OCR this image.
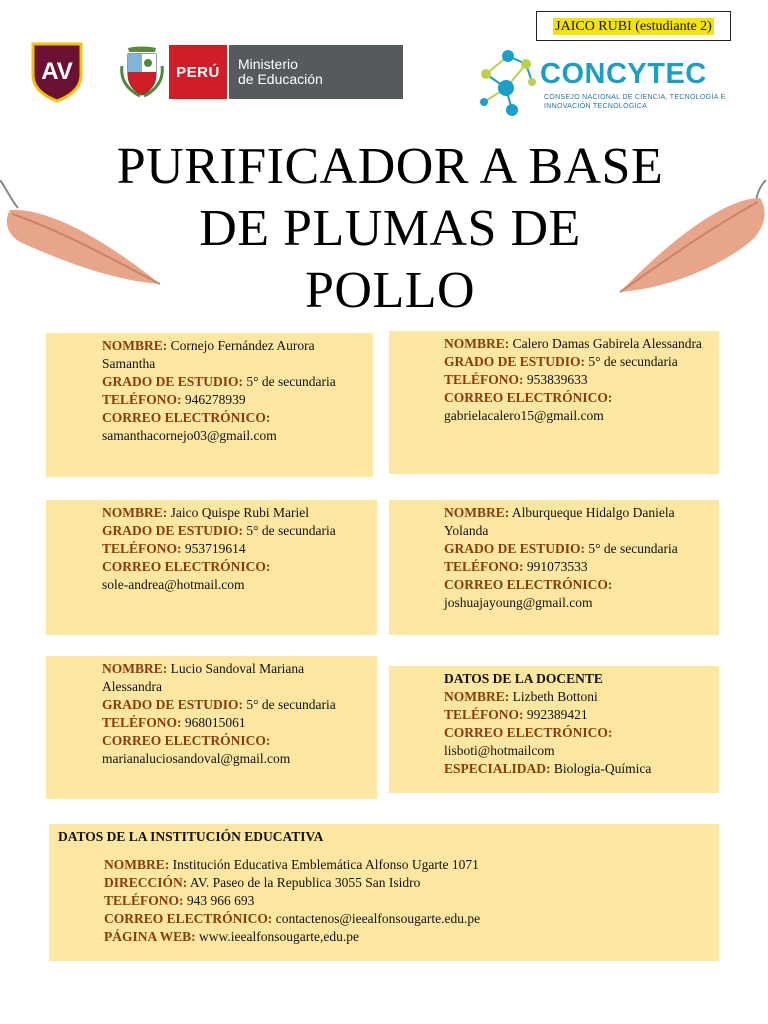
JAICO RUBI (estudiante 2)
AV	PERÚ	Ministerio
de Educación	CONCYTEC
CONSEJO NACIONAL DE CIENCIA, TECNOLOGÍA E INNOVACIÓN TECNOLÓGICA
PURIFICADOR A BASE
DE PLUMAS DE
POLLO

NOMBRE: Cornejo Fernández Aurora Samantha

GRADO DE ESTUDIO: 5° de secundaria

TELÉFONO: 946278939

CORREO ELECTRÓNICO:

samanthacornejo03@gmail.com

NOMBRE: Calero Damas Gabirela Alessandra

GRADO DE ESTUDIO: 5° de secundaria

TELÉFONO: 953839633

CORREO ELECTRÓNICO:

gabrielacalero15@gmail.com

NOMBRE: Jaico Quispe Rubi Mariel

GRADO DE ESTUDIO: 5° de secundaria

TELÉFONO: 953719614

CORREO ELECTRÓNICO:

sole-andrea@hotmail.com

NOMBRE: Alburqueque Hidalgo Daniela Yolanda

GRADO DE ESTUDIO: 5° de secundaria

TELÉFONO: 991073533

CORREO ELECTRÓNICO:

joshuajayoung@gmail.com

NOMBRE: Lucio Sandoval Mariana Alessandra

GRADO DE ESTUDIO: 5° de secundaria

TELÉFONO: 968015061

CORREO ELECTRÓNICO:

marianaluciosandoval@gmail.com

DATOS DE LA DOCENTE

NOMBRE: Lizbeth Bottoni

TELÉFONO: 992389421

CORREO ELECTRÓNICO:

lisboti@hotmailcom

ESPECIALIDAD: Biologia-Química

DATOS DE LA INSTITUCIÓN EDUCATIVA

NOMBRE: Institución Educativa Emblemática Alfonso Ugarte 1071

DIRECCIÓN: AV. Paseo de la Republica 3055 San Isidro

TELÉFONO: 943 966 693

CORREO ELECTRÓNICO: contactenos@ieealfonsougarte.edu.pe

PÁGINA WEB: www.ieealfonsougarte,edu.pe
